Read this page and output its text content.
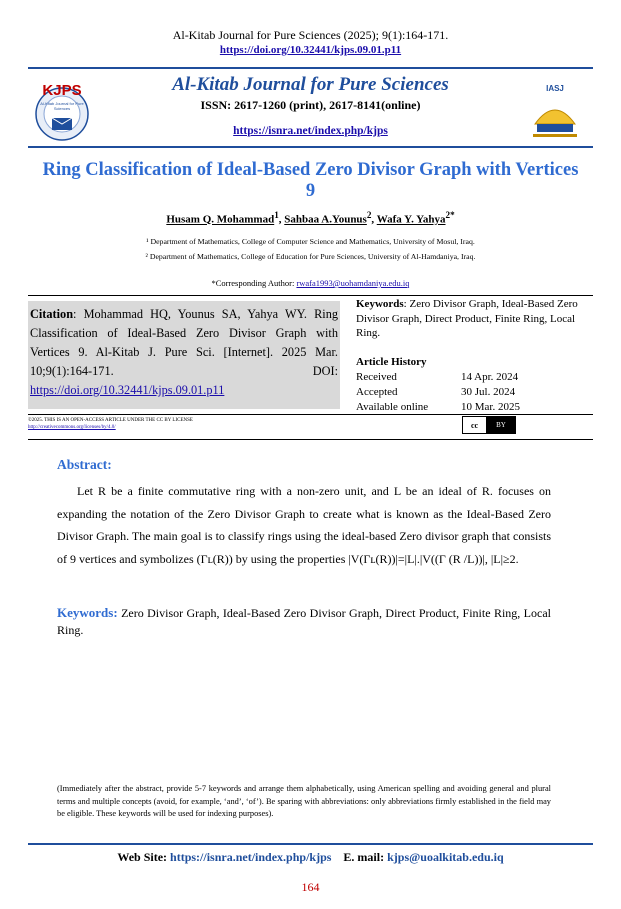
Al-Kitab Journal for Pure Sciences (2025); 9(1):164-171.
https://doi.org/10.32441/kjps.09.01.p11
KJPS
Al-Kitab Journal for Pure Sciences
IASJ
Al-Kitab Journal for Pure Sciences
ISSN: 2617-1260 (print), 2617-8141(online)
https://isnra.net/index.php/kjps
Ring Classification of Ideal-Based Zero Divisor Graph with Vertices 9
Husam Q. Mohammad$^1$, Sahbaa A.Younus$^2$, Wafa Y. Yahya$^{2*}$
¹ Department of Mathematics, College of Computer Science and Mathematics, University of Mosul, Iraq.
² Department of Mathematics, College of Education for Pure Sciences, University of Al-Hamdaniya, Iraq.
*Corresponding Author: rwafa1993@uohamdaniya.edu.iq
Citation: Mohammad HQ, Younus SA, Yahya WY. Ring Classification of Ideal-Based Zero Divisor Graph with Vertices 9. Al-Kitab J. Pure Sci. [Internet]. 2025 Mar. 10;9(1):164-171. DOI: https://doi.org/10.32441/kjps.09.01.p11
Keywords: Zero Divisor Graph, Ideal-Based Zero Divisor Graph, Direct Product, Finite Ring, Local Ring.
Article History
Received	14 Apr. 2024
Accepted	30 Jul. 2024
Available online	10 Mar. 2025
©2025. THIS IS AN OPEN-ACCESS ARTICLE UNDER THE CC BY LICENSE
http://creativecommons.org/licenses/by/4.0/	cc	BY
Abstract:
Let R be a finite commutative ring with a non-zero unit, and L be an ideal of R. focuses on expanding the notation of the Zero Divisor Graph to create what is known as the Ideal-Based Zero Divisor Graph. The main goal is to classify rings using the ideal-based Zero divisor graph that consists of 9 vertices and symbolizes (Γʟ(R)) by using the properties |V(Γʟ(R))|=|L|.|V((Γ (R /L))|, |L|≥2.
Keywords: Zero Divisor Graph, Ideal-Based Zero Divisor Graph, Direct Product, Finite Ring, Local Ring.
(Immediately after the abstract, provide 5-7 keywords and arrange them alphabetically, using American spelling and avoiding general and plural terms and multiple concepts (avoid, for example, ‘and’, ‘of’). Be sparing with abbreviations: only abbreviations firmly established in the field may be eligible. These keywords will be used for indexing purposes).
Web Site: https://isnra.net/index.php/kjps E. mail: kjps@uoalkitab.edu.iq
164
